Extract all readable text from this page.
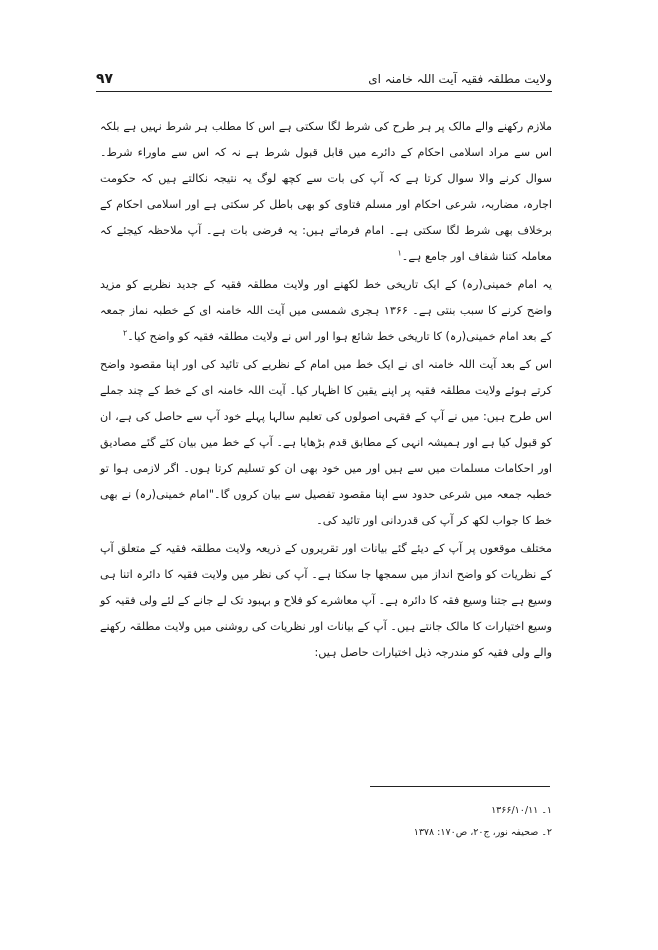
ولایت مطلقہ فقیہ آیت اللہ خامنہ ای
۹۷

ملازم رکھنے والے مالک پر ہر طرح کی شرط لگا سکتی ہے اس کا مطلب ہر شرط نہیں ہے بلکہ اس سے مراد اسلامی احکام کے دائرے میں قابل قبول شرط ہے نہ کہ اس سے ماوراء شرط۔ سوال کرنے والا سوال کرتا ہے کہ آپ کی بات سے کچھ لوگ یہ نتیجہ نکالتے ہیں کہ حکومت اجارہ، مضاربہ، شرعی احکام اور مسلم فتاوی کو بھی باطل کر سکتی ہے اور اسلامی احکام کے برخلاف بھی شرط لگا سکتی ہے۔ امام فرماتے ہیں: یہ فرضی بات ہے۔ آپ ملاحظہ کیجئے کہ معاملہ کتنا شفاف اور جامع ہے۔$^۱$

یہ امام خمینی(رہ) کے ایک تاریخی خط لکھنے اور ولایت مطلقہ فقیہ کے جدید نظریے کو مزید واضح کرنے کا سبب بنتی ہے۔ ۱۳۶۶ ہجری شمسی میں آیت اللہ خامنہ ای کے خطبہ نماز جمعہ کے بعد امام خمینی(رہ) کا تاریخی خط شائع ہوا اور اس نے ولایت مطلقہ فقیہ کو واضح کیا۔$^۲$

اس کے بعد آیت اللہ خامنہ ای نے ایک خط میں امام کے نظریے کی تائید کی اور اپنا مقصود واضح کرتے ہوئے ولایت مطلقہ فقیہ پر اپنے یقین کا اظہار کیا۔ آیت اللہ خامنہ ای کے خط کے چند جملے اس طرح ہیں: میں نے آپ کے فقہی اصولوں کی تعلیم سالہا پہلے خود آپ سے حاصل کی ہے، ان کو قبول کیا ہے اور ہمیشہ انہی کے مطابق قدم بڑھایا ہے۔ آپ کے خط میں بیان کئے گئے مصادیق اور احکامات مسلمات میں سے ہیں اور میں خود بھی ان کو تسلیم کرتا ہوں۔ اگر لازمی ہوا تو خطبہ جمعہ میں شرعی حدود سے اپنا مقصود تفصیل سے بیان کروں گا۔"امام خمینی(رہ) نے بھی خط کا جواب لکھ کر آپ کی قدردانی اور تائید کی۔

مختلف موقعوں پر آپ کے دیئے گئے بیانات اور تقریروں کے ذریعہ ولایت مطلقہ فقیہ کے متعلق آپ کے نظریات کو واضح انداز میں سمجھا جا سکتا ہے۔ آپ کی نظر میں ولایت فقیہ کا دائرہ اتنا ہی وسیع ہے جتنا وسیع فقہ کا دائرہ ہے۔ آپ معاشرے کو فلاح و بہبود تک لے جانے کے لئے ولی فقیہ کو وسیع اختیارات کا مالک جانتے ہیں۔ آپ کے بیانات اور نظریات کی روشنی میں ولایت مطلقہ رکھنے والے ولی فقیہ کو مندرجہ ذیل اختیارات حاصل ہیں:

۱۔ ۱۳۶۶/۱۰/۱۱
۲۔ صحیفہ نور، ج۲۰، ص۱۷۰: ۱۳۷۸
